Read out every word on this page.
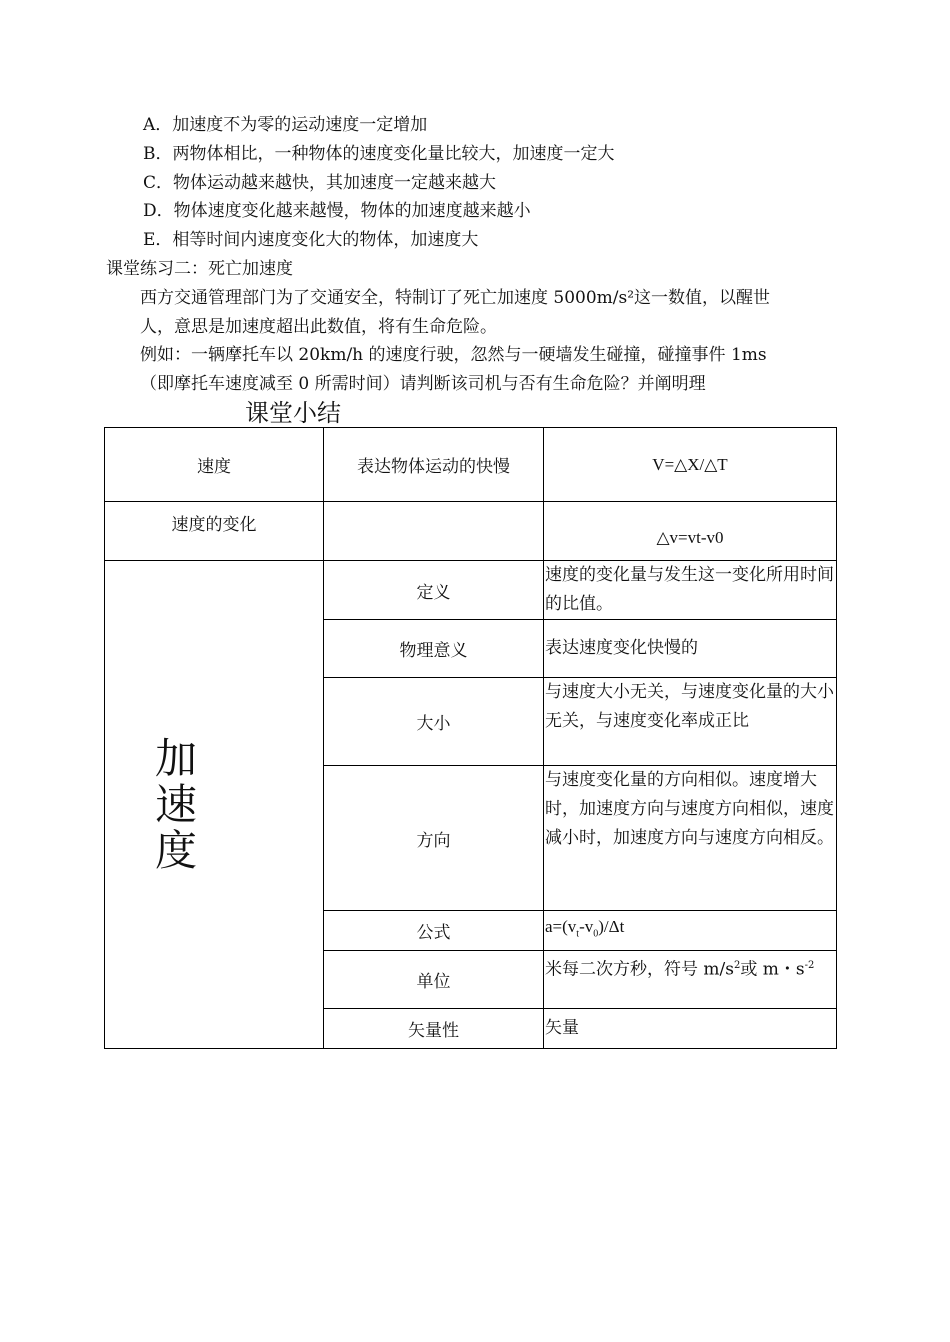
A．加速度不为零的运动速度一定增加
B．两物体相比，一种物体的速度变化量比较大，加速度一定大
C．物体运动越来越快，其加速度一定越来越大
D．物体速度变化越来越慢，物体的加速度越来越小
E．相等时间内速度变化大的物体，加速度大
课堂练习二：死亡加速度
西方交通管理部门为了交通安全，特制订了死亡加速度 5000m/s²这一数值，以醒世
人，意思是加速度超出此数值，将有生命危险。
例如：一辆摩托车以 20km/h 的速度行驶，忽然与一硬墙发生碰撞，碰撞事件 1ms
（即摩托车速度减至 0 所需时间）请判断该司机与否有生命危险？并阐明理
课堂小结
速度	表达物体运动的快慢	V=△X/△T
速度的变化		△v=vt-v0

加速度	定义	速度的变化量与发生这一变化所用时间的比值。
	物理意义	表达速度变化快慢的
	大小	与速度大小无关，与速度变化量的大小无关，与速度变化率成正比
	方向	与速度变化量的方向相似。速度增大时，加速度方向与速度方向相似，速度减小时，加速度方向与速度方向相反。
	公式	$a=(v_t-v_0)/\Delta t$
	单位	米每二次方秒，符号 $m/s^2$或 m・$s^{-2}$
	矢量性	矢量
